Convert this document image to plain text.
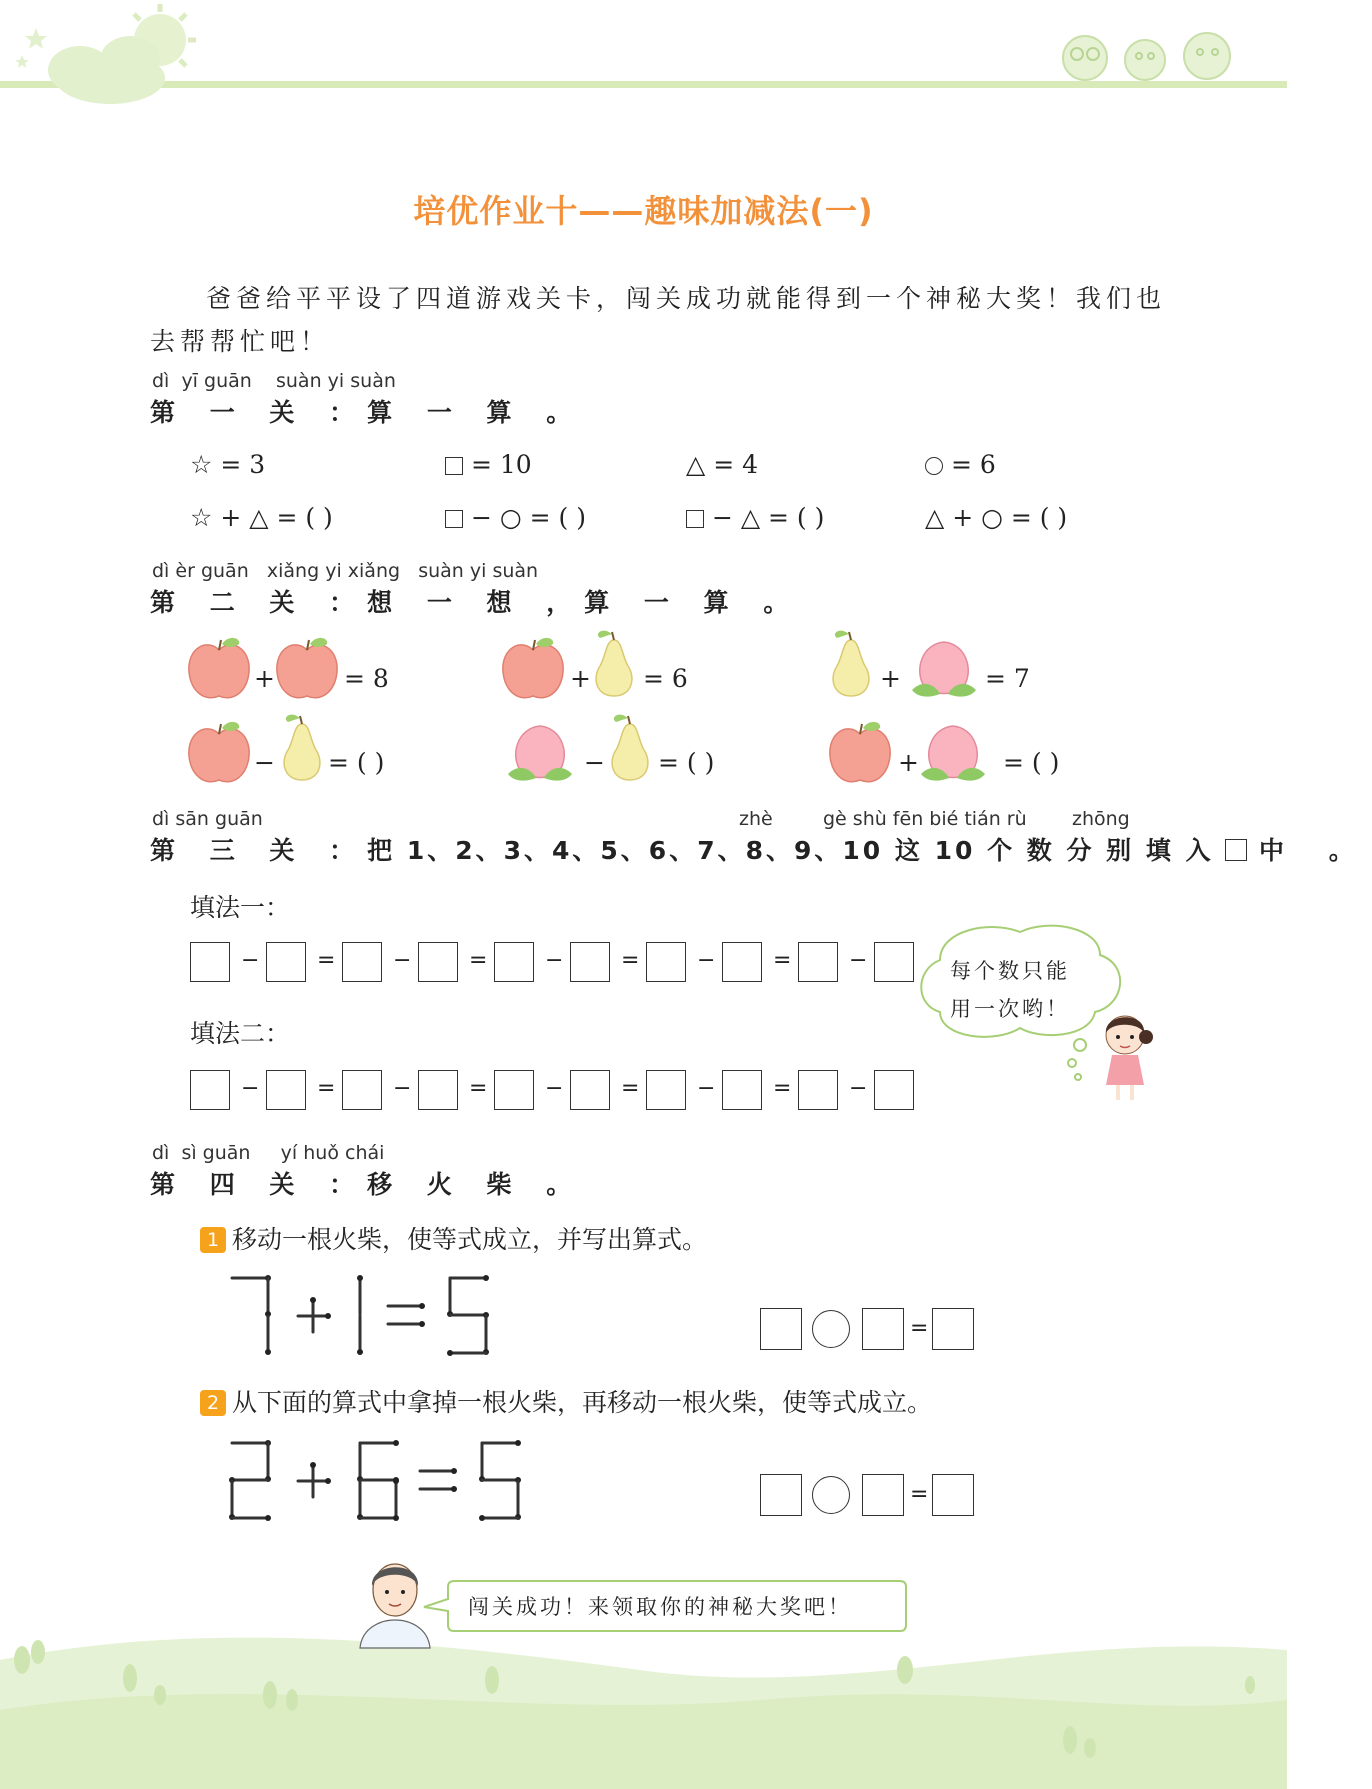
培优作业十——趣味加减法(一)
爸爸给平平设了四道游戏关卡，闯关成功就能得到一个神秘大奖！我们也
去帮帮忙吧！
dì yī guān suàn yi suàn
第 一 关 ：算 一 算 。
☆ = 3	= 10	△ = 4	= 6
☆ + △ = ( )	− ○ = ( )	− △ = ( )	△ + ○ = ( )
dì èr guān xiǎng yi xiǎng suàn yi suàn
第 二 关 ：想 一 想 ，算 一 算 。
+	= 8	+ = 6	+	= 7
− = ( )	− = ( )	+	= ( )
dì sān guān	zhè	gè shù fēn bié tián rù zhōng
第 三 关 ：把 1、2、3、4、5、6、7、8、9、10 这 10 个 数 分 别 填 入 中 。
填法一：
−	=	−	=	−	=	−	=	−
填法二：
−	=	−	=	−	=	−	=	−
每个数只能
用一次哟！
dì sì guān yí huǒ chái
第 四 关 ：移 火 柴 。
1 移动一根火柴，使等式成立，并写出算式。
=
2 从下面的算式中拿掉一根火柴，再移动一根火柴，使等式成立。
=
闯关成功！来领取你的神秘大奖吧！
